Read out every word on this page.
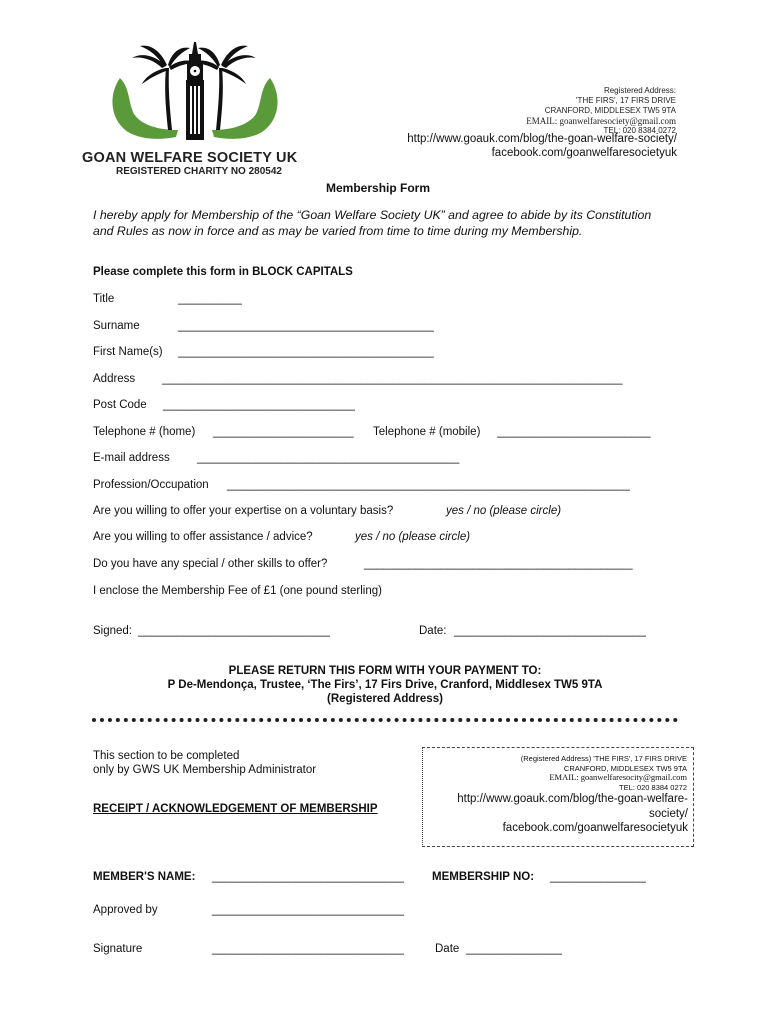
GOAN WELFARE SOCIETY UK
REGISTERED CHARITY NO 280542
Registered Address:
'THE FIRS', 17 FIRS DRIVE
CRANFORD, MIDDLESEX TW5 9TA
EMAIL: goanwelfaresociety@gmail.com
TEL: 020 8384 0272
http://www.goauk.com/blog/the-goan-welfare-society/
facebook.com/goanwelfaresocietyuk
Membership Form
I hereby apply for Membership of the “Goan Welfare Society UK” and agree to abide by its Constitution and Rules as now in force and as may be varied from time to time during my Membership.
Please complete this form in BLOCK CAPITALS
Title	__________
Surname	________________________________________
First Name(s) ________________________________________
Address ________________________________________________________________________
Post Code ______________________________
Telephone # (home) ______________________ Telephone # (mobile) ________________________
E-mail address _________________________________________
Profession/Occupation _______________________________________________________________
Are you willing to offer your expertise on a voluntary basis?	yes / no (please circle)
Are you willing to offer assistance / advice?	yes / no (please circle)
Do you have any special / other skills to offer?	__________________________________________
I enclose the Membership Fee of £1 (one pound sterling)
Signed: ______________________________	Date: ______________________________
PLEASE RETURN THIS FORM WITH YOUR PAYMENT TO:
P De-Mendonça, Trustee, ‘The Firs’, 17 Firs Drive, Cranford, Middlesex TW5 9TA
(Registered Address)
This section to be completed
only by GWS UK Membership Administrator
RECEIPT / ACKNOWLEDGEMENT OF MEMBERSHIP
(Registered Address) 'THE FIRS', 17 FIRS DRIVE
CRANFORD, MIDDLESEX TW5 9TA
EMAIL: goanwelfaresocity@gmail.com
TEL: 020 8384 0272
http://www.goauk.com/blog/the-goan-welfare-society/
facebook.com/goanwelfaresocietyuk
MEMBER'S NAME: ______________________________ MEMBERSHIP NO: _______________
Approved by	______________________________
Signature	______________________________	Date _______________
